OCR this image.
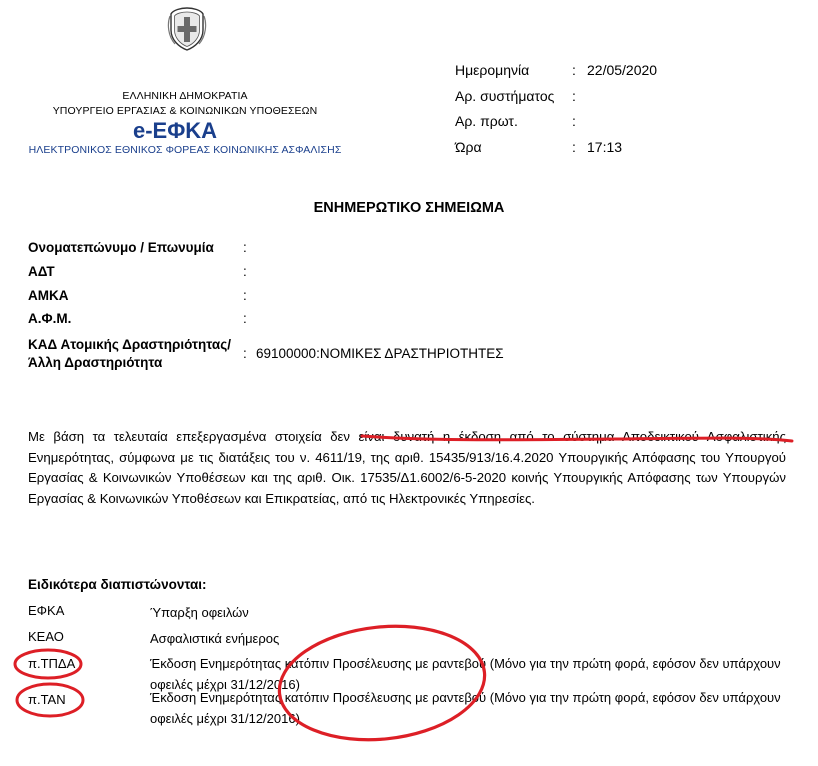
ΕΛΛΗΝΙΚΗ ΔΗΜΟΚΡΑΤΙΑ
ΥΠΟΥΡΓΕΙΟ ΕΡΓΑΣΙΑΣ & ΚΟΙΝΩΝΙΚΩΝ ΥΠΟΘΕΣΕΩΝ
e-ΕΦΚΑ
ΗΛΕΚΤΡΟΝΙΚΟΣ ΕΘΝΙΚΟΣ ΦΟΡΕΑΣ ΚΟΙΝΩΝΙΚΗΣ ΑΣΦΑΛΙΣΗΣ
Ημερομηνία	: 22/05/2020
Αρ. συστήματος :
Αρ. πρωτ.	:
Ώρα	: 17:13
ΕΝΗΜΕΡΩΤΙΚΟ ΣΗΜΕΙΩΜΑ
Ονοματεπώνυμο / Επωνυμία :
ΑΔΤ	:
ΑΜΚΑ	:
Α.Φ.Μ.	:
ΚΑΔ Ατομικής Δραστηριότητας/
Άλλη Δραστηριότητα
: 69100000:ΝΟΜΙΚΕΣ ΔΡΑΣΤΗΡΙΟΤΗΤΕΣ
Με βάση τα τελευταία επεξεργασμένα στοιχεία δεν είναι δυνατή η έκδοση από το σύστημα Αποδεικτικού Ασφαλιστικής Ενημερότητας, σύμφωνα με τις διατάξεις του ν. 4611/19, της αριθ. 15435/913/16.4.2020 Υπουργικής Απόφασης του Υπουργού Εργασίας & Κοινωνικών Υποθέσεων και της αριθ. Οικ. 17535/Δ1.6002/6-5-2020 κοινής Υπουργικής Απόφασης των Υπουργών Εργασίας & Κοινωνικών Υποθέσεων και Επικρατείας, από τις Ηλεκτρονικές Υπηρεσίες.
Ειδικότερα διαπιστώνονται:
ΕΦΚΑ	Ύπαρξη οφειλών
ΚΕΑΟ	Ασφαλιστικά ενήμερος
π.ΤΠΔΑ	Έκδοση Ενημερότητας κατόπιν Προσέλευσης με ραντεβού (Μόνο για την πρώτη φορά, εφόσον δεν υπάρχουν οφειλές μέχρι 31/12/2016)
π.ΤΑΝ	Έκδοση Ενημερότητας κατόπιν Προσέλευσης με ραντεβού (Μόνο για την πρώτη φορά, εφόσον δεν υπάρχουν οφειλές μέχρι 31/12/2016)
